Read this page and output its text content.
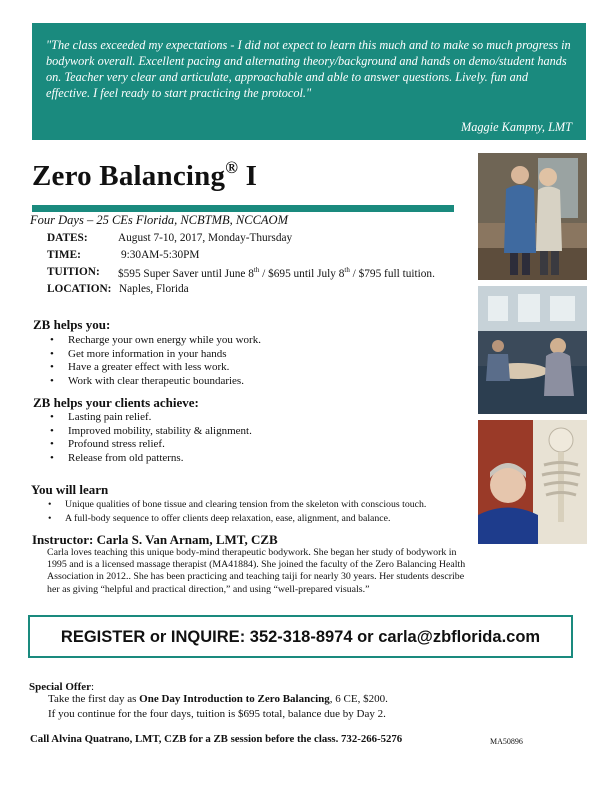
"The class exceeded my expectations - I did not expect to learn this much and to make so much progress in bodywork overall. Excellent pacing and alternating theory/background and hands on demo/student hands on. Teacher very clear and articulate, approachable and able to answer questions. Lively. fun and effective. I feel ready to start practicing the protocol."
Maggie Kampny, LMT
Zero Balancing® I
Four Days – 25 CEs Florida, NCBTMB, NCCAOM
DATES:	August 7-10, 2017, Monday-Thursday
TIME:	9:30AM-5:30PM
TUITION: $595 Super Saver until June 8th / $695 until July 8th / $795 full tuition.
LOCATION: Naples, Florida
ZB helps you:
• Recharge your own energy while you work.
• Get more information in your hands
• Have a greater effect with less work.
• Work with clear therapeutic boundaries.
ZB helps your clients achieve:
• Lasting pain relief.
• Improved mobility, stability & alignment.
• Profound stress relief.
• Release from old patterns.
You will learn
• Unique qualities of bone tissue and clearing tension from the skeleton with conscious touch.
• A full-body sequence to offer clients deep relaxation, ease, alignment, and balance.
Instructor: Carla S. Van Arnam, LMT, CZB
Carla loves teaching this unique body-mind therapeutic bodywork. She began her study of bodywork in 1995 and is a licensed massage therapist (MA41884). She joined the faculty of the Zero Balancing Health Association in 2012.. She has been practicing and teaching taiji for nearly 30 years. Her students describe her as giving “helpful and practical direction,” and using “well-prepared visuals.”
REGISTER or INQUIRE: 352-318-8974 or carla@zbflorida.com
Special Offer:
Take the first day as One Day Introduction to Zero Balancing, 6 CE, $200.
If you continue for the four days, tuition is $695 total, balance due by Day 2.
Call Alvina Quatrano, LMT, CZB for a ZB session before the class. 732-266-5276	MA50896
